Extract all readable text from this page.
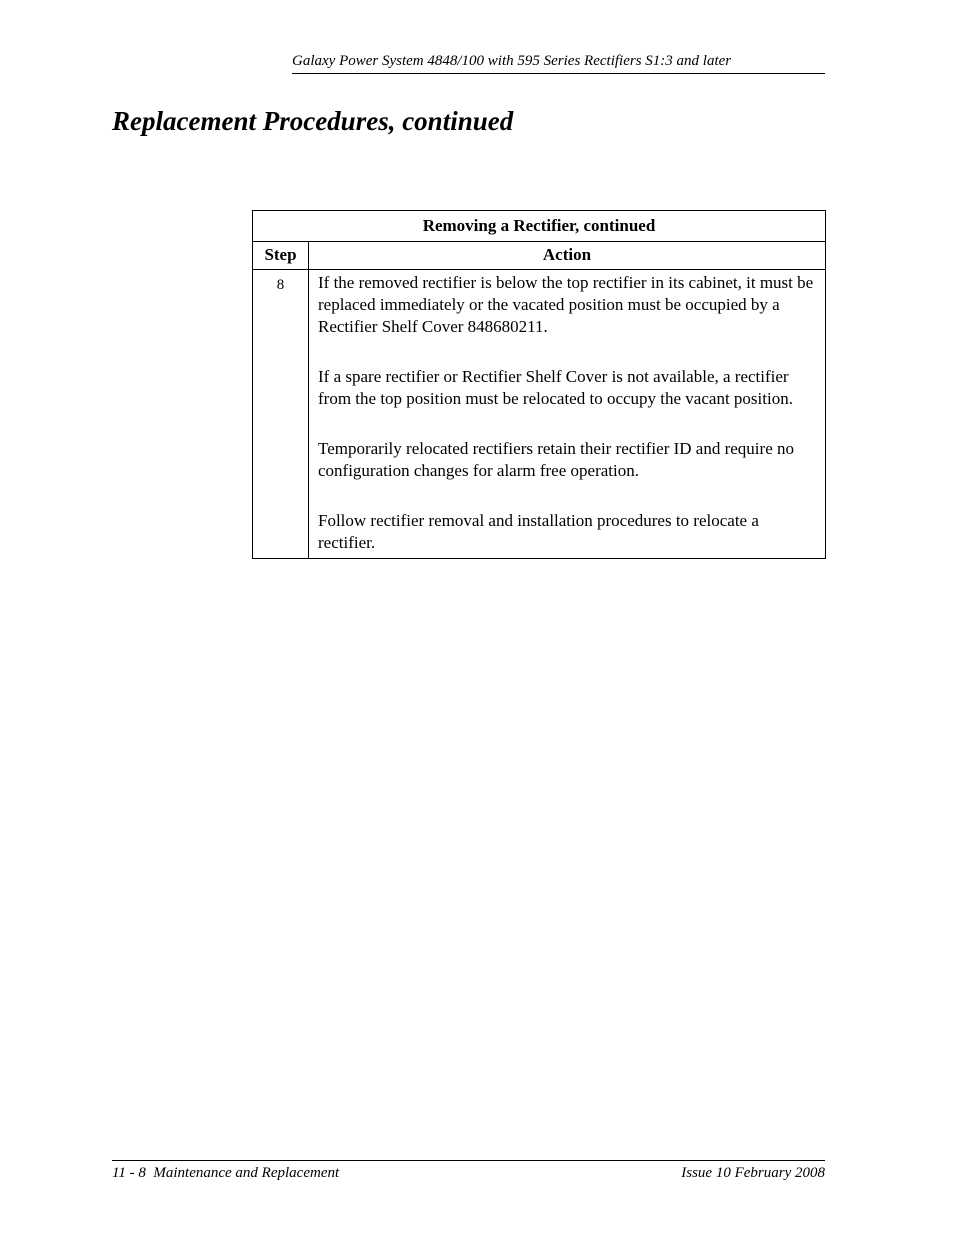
Galaxy Power System 4848/100 with 595 Series Rectifiers S1:3 and later
Replacement Procedures, continued
Removing a Rectifier, continued	
Step	Action
8	If the removed rectifier is below the top rectifier in its cabinet, it must be replaced immediately or the vacated position must be occupied by a Rectifier Shelf Cover 848680211.

If a spare rectifier or Rectifier Shelf Cover is not available, a rectifier from the top position must be relocated to occupy the vacant position.

Temporarily relocated rectifiers retain their rectifier ID and require no configuration changes for alarm free operation.

Follow rectifier removal and installation procedures to relocate a rectifier.

11 - 8  Maintenance and Replacement	Issue 10 February 2008
